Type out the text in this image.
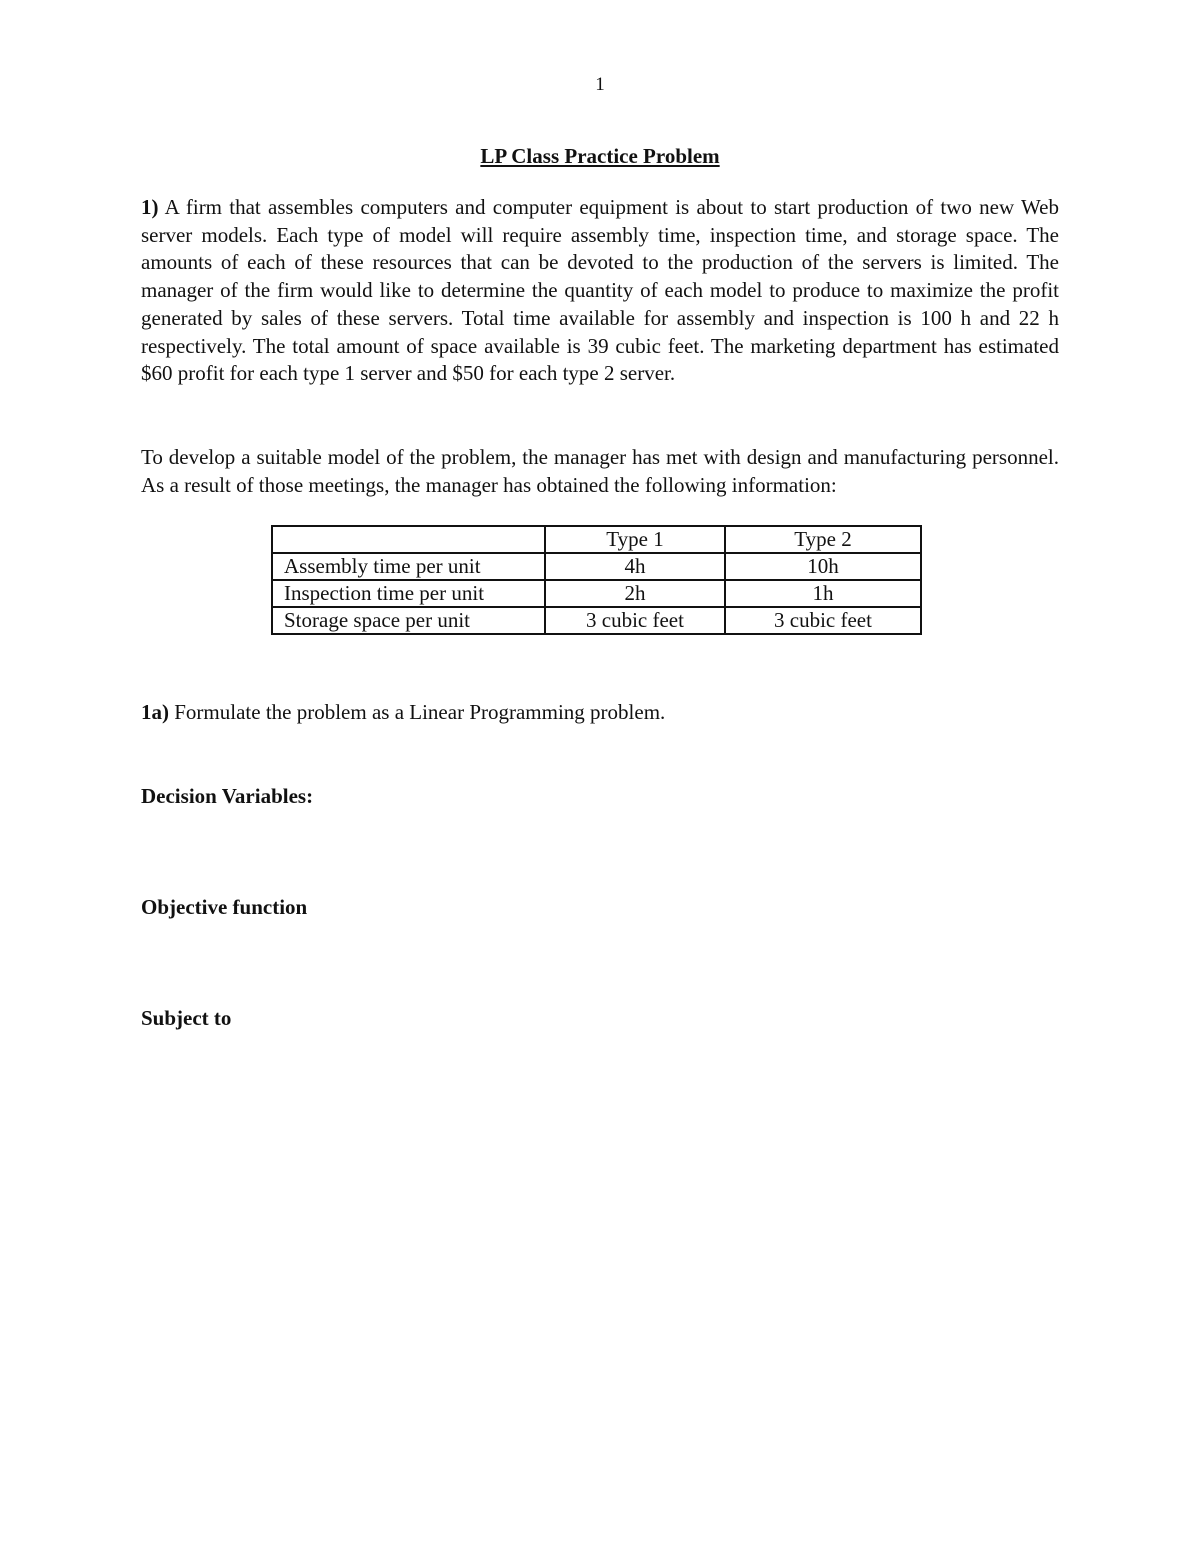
1
LP Class Practice Problem

1) A firm that assembles computers and computer equipment is about to start production of two new Web server models. Each type of model will require assembly time, inspection time, and storage space. The amounts of each of these resources that can be devoted to the production of the servers is limited. The manager of the firm would like to determine the quantity of each model to produce to maximize the profit generated by sales of these servers. Total time available for assembly and inspection is 100 h and 22 h respectively. The total amount of space available is 39 cubic feet. The marketing department has estimated $60 profit for each type 1 server and $50 for each type 2 server.

To develop a suitable model of the problem, the manager has met with design and manufacturing personnel. As a result of those meetings, the manager has obtained the following information:

	Type 1	Type 2
Assembly time per unit	4h	10h
Inspection time per unit	2h	1h
Storage space per unit	3 cubic feet	3 cubic feet
1a) Formulate the problem as a Linear Programming problem.
Decision Variables:
Objective function
Subject to
